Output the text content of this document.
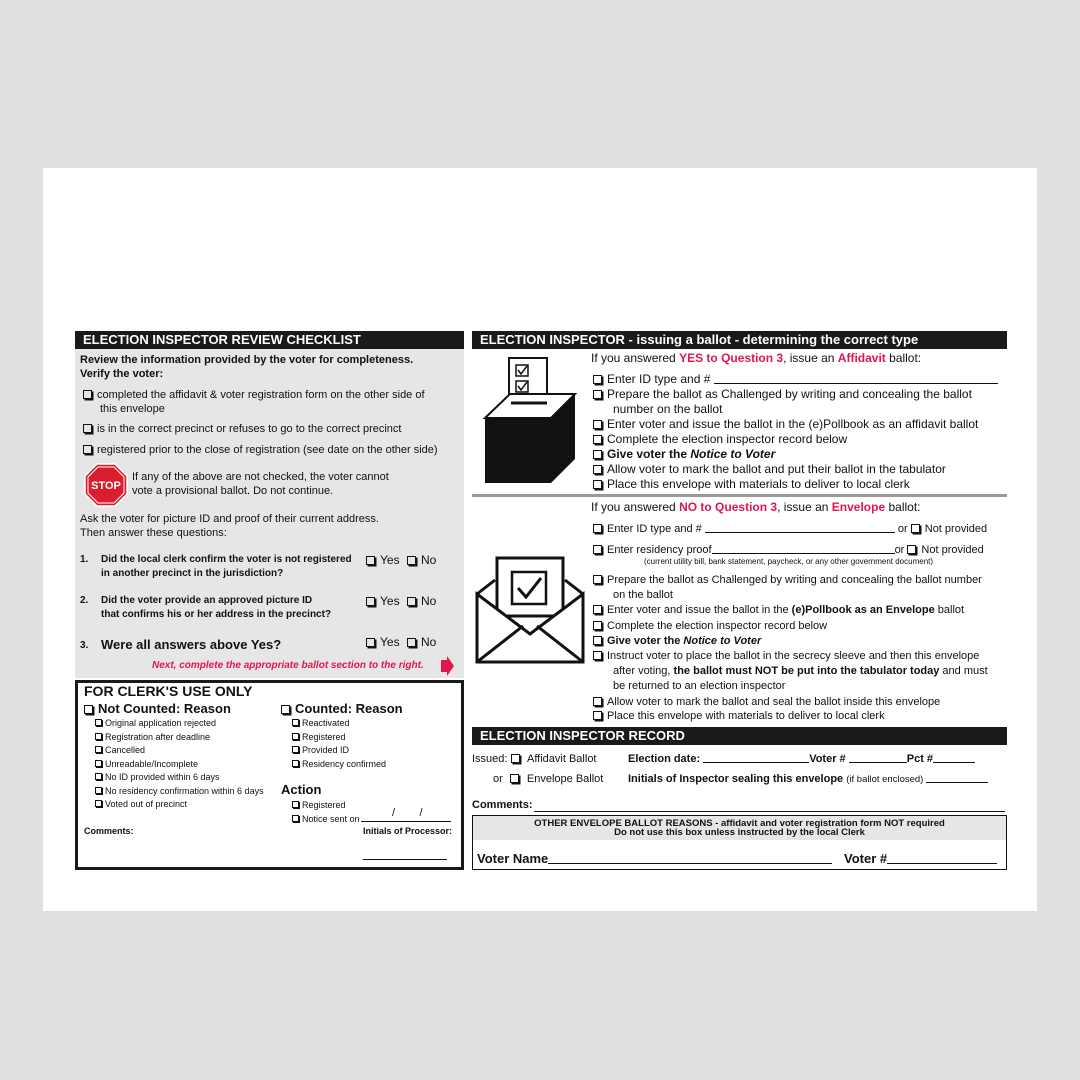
ELECTION INSPECTOR REVIEW CHECKLIST
Review the information provided by the voter for completeness.
Verify the voter:
completed the affidavit & voter registration form on the other side of
this envelope
is in the correct precinct or refuses to go to the correct precinct
registered prior to the close of registration (see date on the other side)
STOP
If any of the above are not checked, the voter cannot
vote a provisional ballot. Do not continue.
Ask the voter for picture ID and proof of their current address.
Then answer these questions:
1. Did the local clerk confirm the voter is not registered
in another precinct in the jurisdiction?
Yes	No
2. Did the voter provide an approved picture ID
that confirms his or her address in the precinct?
Yes	No
3. Were all answers above Yes?	Yes	No
Next, complete the appropriate ballot section to the right.
FOR CLERK'S USE ONLY
Not Counted: Reason
Original application rejected
Registration after deadline
Cancelled
Unreadable/Incomplete
No ID provided within 6 days
No residency confirmation within 6 days
Voted out of precinct
Counted: Reason
Reactivated
Registered
Provided ID
Residency confirmed
Action
Registered
Notice sent on	/        /
Comments:	Initials of Processor:
ELECTION INSPECTOR - issuing a ballot - determining the correct type
If you answered YES to Question 3, issue an Affidavit ballot:
Enter ID type and #
Prepare the ballot as Challenged by writing and concealing the ballot
number on the ballot
Enter voter and issue the ballot in the (e)Pollbook as an affidavit ballot
Complete the election inspector record below
Give voter the Notice to Voter
Allow voter to mark the ballot and put their ballot in the tabulator
Place this envelope with materials to deliver to local clerk
If you answered NO to Question 3, issue an Envelope ballot:
Enter ID type and #	or Not provided
Enter residency proof	or Not provided
(current utility bill, bank statement, paycheck, or any other government document)
Prepare the ballot as Challenged by writing and concealing the ballot number
on the ballot
Enter voter and issue the ballot in the (e)Pollbook as an Envelope ballot
Complete the election inspector record below
Give voter the Notice to Voter
Instruct voter to place the ballot in the secrecy sleeve and then this envelope
after voting, the ballot must NOT be put into the tabulator today and must
be returned to an election inspector
Allow voter to mark the ballot and seal the ballot inside this envelope
Place this envelope with materials to deliver to local clerk
ELECTION INSPECTOR RECORD
Issued: Affidavit Ballot
or Envelope Ballot
Election date:	Voter #	Pct #
Initials of Inspector sealing this envelope (if ballot enclosed)
Comments:
OTHER ENVELOPE BALLOT REASONS - affidavit and voter registration form NOT required
Do not use this box unless instructed by the local Clerk
Voter Name	Voter #
